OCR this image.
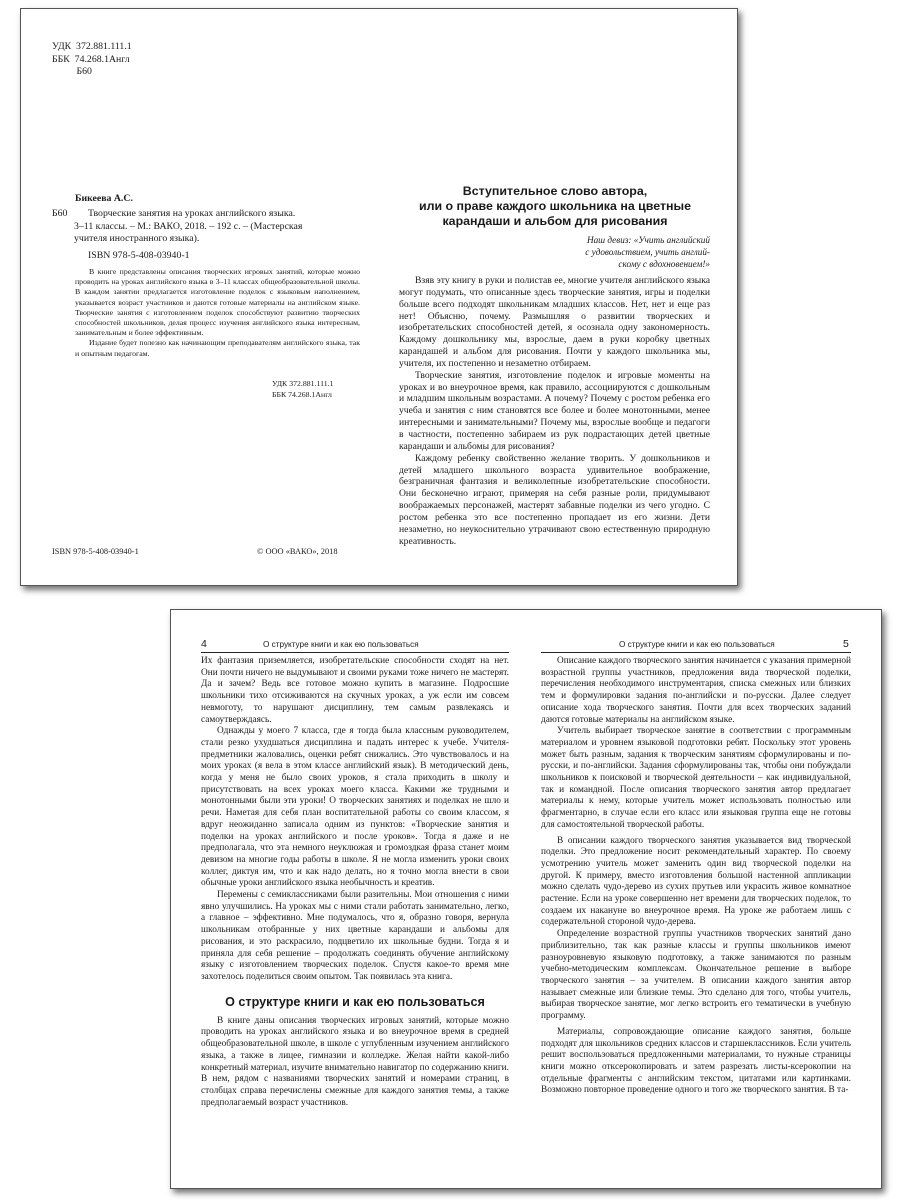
УДК  372.881.111.1
ББК  74.268.1Англ
Б60
Бикеева А.С.
Б60 Творческие занятия на уроках английского языка.
3–11 классы. – М.: ВАКО, 2018. – 192 с. – (Мастерская
учителя иностранного языка).
ISBN 978-5-408-03940-1

В книге представлены описания творческих игровых занятий, которые можно проводить на уроках английского языка в 3–11 классах общеобразовательной школы. В каждом занятии предлагается изготовление поделок с языковым наполнением, указывается возраст участников и даются готовые материалы на английском языке. Творческие занятия с изготовлением поделок способствуют развитию творческих способностей школьников, делая процесс изучения английского языка интересным, занимательным и более эффективным.

Издание будет полезно как начинающим преподавателям английского языка, так и опытным педагогам.

УДК 372.881.111.1
ББК 74.268.1Англ
ISBN 978-5-408-03940-1	© ООО «ВАКО», 2018
Вступительное слово автора,
или о праве каждого школьника на цветные
карандаши и альбом для рисования
Наш девиз: «Учить английский
с удовольствием, учить англий-
скому с вдохновением!»

Взяв эту книгу в руки и полистав ее, многие учителя английского языка могут подумать, что описанные здесь творческие занятия, игры и поделки больше всего подходят школьникам младших классов. Нет, нет и еще раз нет! Объясню, почему. Размышляя о развитии творческих и изобретательских способностей детей, я осознала одну закономерность. Каждому дошкольнику мы, взрослые, даем в руки коробку цветных карандашей и альбом для рисования. Почти у каждого школьника мы, учителя, их постепенно и незаметно отбираем.

Творческие занятия, изготовление поделок и игровые моменты на уроках и во внеурочное время, как правило, ассоциируются с дошкольным и младшим школьным возрастами. А почему? Почему с ростом ребенка его учеба и занятия с ним становятся все более и более монотонными, менее интересными и занимательными? Почему мы, взрослые вообще и педагоги в частности, постепенно забираем из рук подрастающих детей цветные карандаши и альбомы для рисования?

Каждому ребенку свойственно желание творить. У дошкольников и детей младшего школьного возраста удивительное воображение, безграничная фантазия и великолепные изобретательские способности. Они бесконечно играют, примеряя на себя разные роли, придумывают воображаемых персонажей, мастерят забавные поделки из чего угодно. С ростом ребенка это все постепенно пропадает из его жизни. Дети незаметно, но неукоснительно утрачивают свою естественную природную креативность.

4	О структуре книги и как ею пользоваться

Их фантазия приземляется, изобретательские способности сходят на нет. Они почти ничего не выдумывают и своими руками тоже ничего не мастерят. Да и зачем? Ведь все готовое можно купить в магазине. Подросшие школьники тихо отсиживаются на скучных уроках, а уж если им совсем невмоготу, то нарушают дисциплину, тем самым развлекаясь и самоутверждаясь.

Однажды у моего 7 класса, где я тогда была классным руководителем, стали резко ухудшаться дисциплина и падать интерес к учебе. Учителя-предметники жаловались, оценки ребят снижались. Это чувствовалось и на моих уроках (я вела в этом классе английский язык). В методический день, когда у меня не было своих уроков, я стала приходить в школу и присутствовать на всех уроках моего класса. Какими же трудными и монотонными были эти уроки! О творческих занятиях и поделках не шло и речи. Наметая для себя план воспитательной работы со своим классом, я вдруг неожиданно записала одним из пунктов: «Творческие занятия и поделки на уроках английского и после уроков». Тогда я даже и не предполагала, что эта немного неуклюжая и громоздкая фраза станет моим девизом на многие годы работы в школе. Я не могла изменить уроки своих коллег, диктуя им, что и как надо делать, но я точно могла внести в свои обычные уроки английского языка необычность и креатив.

Перемены с семиклассниками были разительны. Мои отношения с ними явно улучшились. На уроках мы с ними стали работать занимательно, легко, а главное – эффективно. Мне подумалось, что я, образно говоря, вернула школьникам отобранные у них цветные карандаши и альбомы для рисования, и это раскрасило, подцветило их школьные будни. Тогда я и приняла для себя решение – продолжать соединять обучение английскому языку с изготовлением творческих поделок. Спустя какое-то время мне захотелось поделиться своим опытом. Так появилась эта книга.

О структуре книги и как ею пользоваться

В книге даны описания творческих игровых занятий, которые можно проводить на уроках английского языка и во внеурочное время в средней общеобразовательной школе, в школе с углубленным изучением английского языка, а также в лицее, гимназии и колледже. Желая найти какой-либо конкретный материал, изучите внимательно навигатор по содержанию книги. В нем, рядом с названиями творческих занятий и номерами страниц, в столбцах справа перечислены смежные для каждого занятия темы, а также предполагаемый возраст участников.

О структуре книги и как ею пользоваться	5

Описание каждого творческого занятия начинается с указания примерной возрастной группы участников, предложения вида творческой поделки, перечисления необходимого инструментария, списка смежных или близких тем и формулировки задания по-английски и по-русски. Далее следует описание хода творческого занятия. Почти для всех творческих заданий даются готовые материалы на английском языке.

Учитель выбирает творческое занятие в соответствии с программным материалом и уровнем языковой подготовки ребят. Поскольку этот уровень может быть разным, задания к творческим занятиям сформулированы и по-русски, и по-английски. Задания сформулированы так, чтобы они побуждали школьников к поисковой и творческой деятельности – как индивидуальной, так и командной. После описания творческого занятия автор предлагает материалы к нему, которые учитель может использовать полностью или фрагментарно, в случае если его класс или языковая группа еще не готовы для самостоятельной творческой работы.

В описании каждого творческого занятия указывается вид творческой поделки. Это предложение носит рекомендательный характер. По своему усмотрению учитель может заменить один вид творческой поделки на другой. К примеру, вместо изготовления большой настенной аппликации можно сделать чудо-дерево из сухих прутьев или украсить живое комнатное растение. Если на уроке совершенно нет времени для творческих поделок, то создаем их накануне во внеурочное время. На уроке же работаем лишь с содержательной стороной чудо-дерева.

Определение возрастной группы участников творческих занятий дано приблизительно, так как разные классы и группы школьников имеют разноуровневую языковую подготовку, а также занимаются по разным учебно-методическим комплексам. Окончательное решение в выборе творческого занятия – за учителем. В описании каждого занятия автор называет смежные или близкие темы. Это сделано для того, чтобы учитель, выбирая творческое занятие, мог легко встроить его тематически в учебную программу.

Материалы, сопровождающие описание каждого занятия, больше подходят для школьников средних классов и старшеклассников. Если учитель решит воспользоваться предложенными материалами, то нужные страницы книги можно откcерокопировать и затем разрезать листы-ксерокопии на отдельные фрагменты с английским текстом, цитатами или картинками. Возможно повторное проведение одного и того же творческого занятия. В та-
